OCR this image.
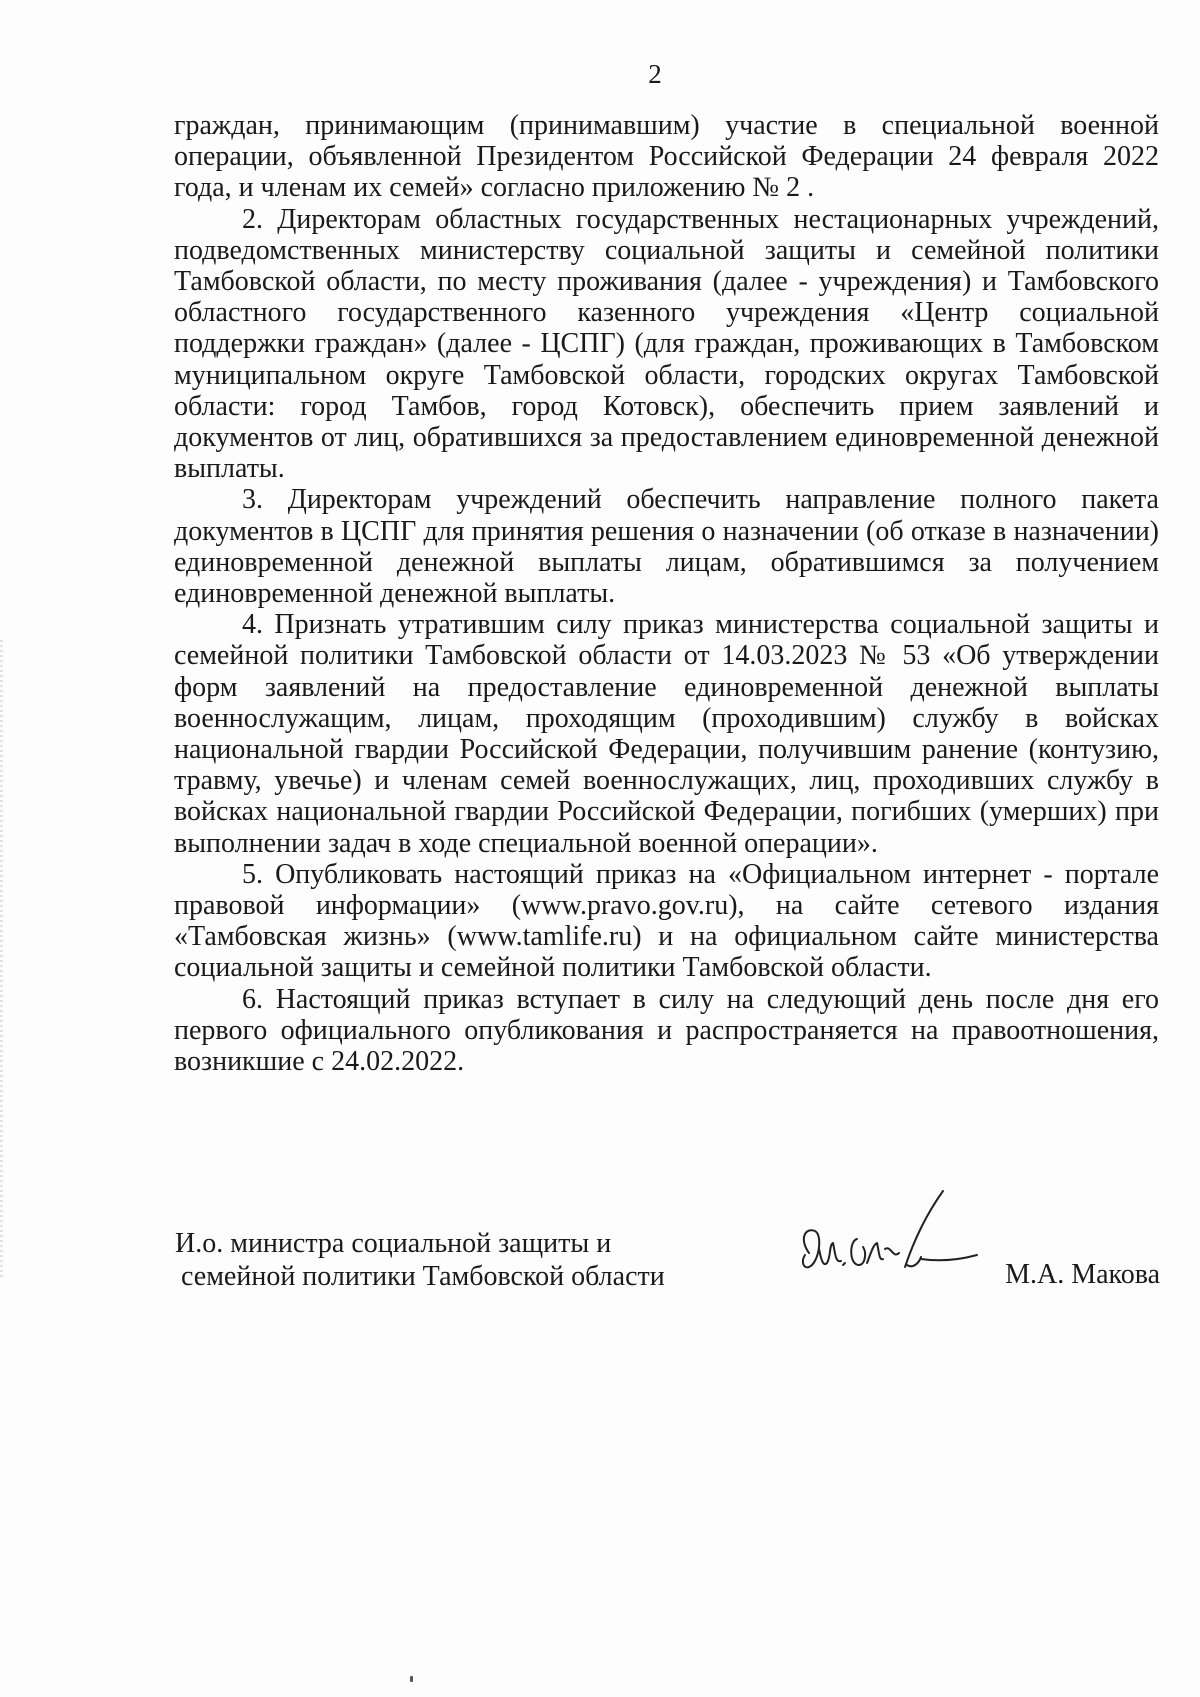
2

граждан, принимающим (принимавшим) участие в специальной военной операции, объявленной Президентом Российской Федерации 24 февраля 2022 года, и членам их семей» согласно приложению № 2 .

2. Директорам областных государственных нестационарных учреждений, подведомственных министерству социальной защиты и семейной политики Тамбовской области, по месту проживания (далее - учреждения) и Тамбовского областного государственного казенного учреждения «Центр социальной поддержки граждан» (далее - ЦСПГ) (для граждан, проживающих в Тамбовском муниципальном округе Тамбовской области, городских округах Тамбовской области: город Тамбов, город Котовск), обеспечить прием заявлений и документов от лиц, обратившихся за предоставлением единовременной денежной выплаты.

3. Директорам учреждений обеспечить направление полного пакета документов в ЦСПГ для принятия решения о назначении (об отказе в назначении) единовременной денежной выплаты лицам, обратившимся за получением единовременной денежной выплаты.

4. Признать утратившим силу приказ министерства социальной защиты и семейной политики Тамбовской области от 14.03.2023 № 53 «Об утверждении форм заявлений на предоставление единовременной денежной выплаты военнослужащим, лицам, проходящим (проходившим) службу в войсках национальной гвардии Российской Федерации, получившим ранение (контузию, травму, увечье) и членам семей военнослужащих, лиц, проходивших службу в войсках национальной гвардии Российской Федерации, погибших (умерших) при выполнении задач в ходе специальной военной операции».

5. Опубликовать настоящий приказ на «Официальном интернет - портале правовой информации» (www.pravo.gov.ru), на сайте сетевого издания «Тамбовская жизнь» (www.tamlife.ru) и на официальном сайте министерства социальной защиты и семейной политики Тамбовской области.

6. Настоящий приказ вступает в силу на следующий день после дня его первого официального опубликования и распространяется на правоотношения, возникшие с 24.02.2022.

И.о. министра социальной защиты и
семейной политики Тамбовской области	М.А. Макова
